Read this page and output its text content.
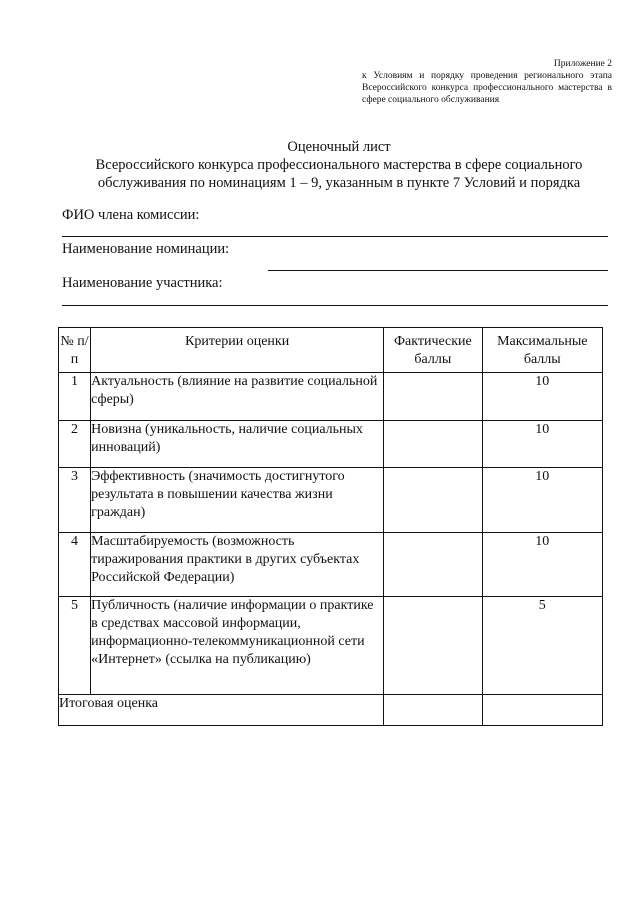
Приложение 2
к Условиям и порядку проведения регионального этапа Всероссийского конкурса профессионального мастерства в сфере социального обслуживания
Оценочный лист
Всероссийского конкурса профессионального мастерства в сфере социального обслуживания по номинациям 1 – 9, указанным в пункте 7 Условий и порядка
ФИО члена комиссии:
Наименование номинации:
Наименование участника:
№ п/п	Критерии оценки	Фактические баллы	Максимальные баллы
1	Актуальность (влияние на развитие социальной сферы)		10
2	Новизна (уникальность, наличие социальных инноваций)		10
3	Эффективность (значимость достигнутого результата в повышении качества жизни граждан)		10
4	Масштабируемость (возможность тиражирования практики в других субъектах Российской Федерации)		10
5	Публичность (наличие информации о практике в средствах массовой информации, информационно-телекоммуникационной сети «Интернет» (ссылка на публикацию)		5
Итоговая оценка			
